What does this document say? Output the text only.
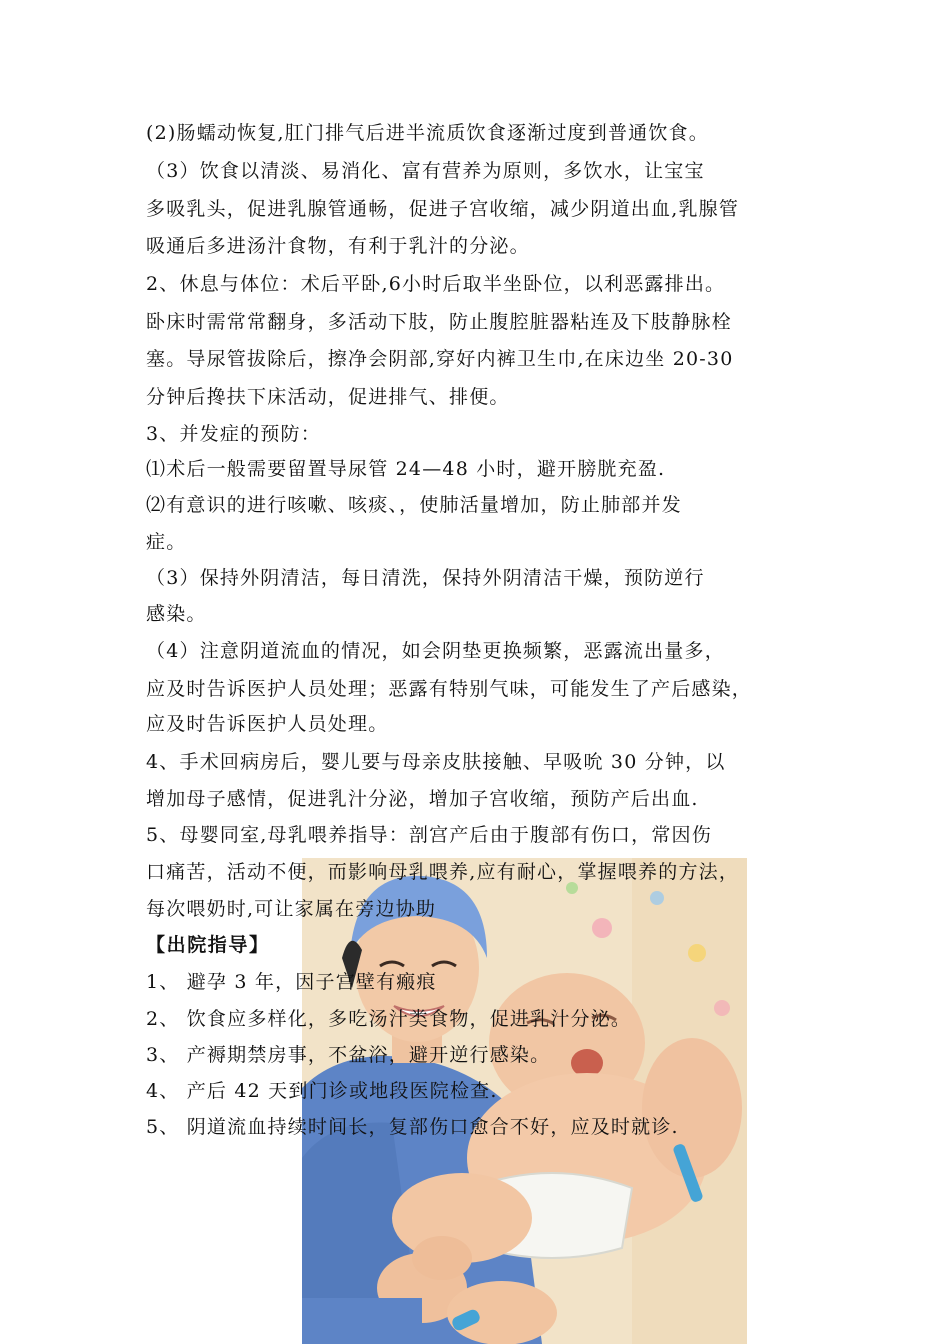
(2)肠蠕动恢复,肛门排气后进半流质饮食逐渐过度到普通饮食。
（3）饮食以清淡、易消化、富有营养为原则，多饮水，让宝宝
多吸乳头，促进乳腺管通畅，促进子宫收缩，减少阴道出血,乳腺管
吸通后多进汤汁食物，有利于乳汁的分泌。
2、休息与体位：术后平卧,6小时后取半坐卧位，以利恶露排出。
卧床时需常常翻身，多活动下肢，防止腹腔脏器粘连及下肢静脉栓
塞。导尿管拔除后，擦净会阴部,穿好内裤卫生巾,在床边坐 20-30
分钟后搀扶下床活动，促进排气、排便。
3、并发症的预防：
⑴术后一般需要留置导尿管 24—48 小时，避开膀胱充盈.
⑵有意识的进行咳嗽、咳痰、，使肺活量增加，防止肺部并发
症。
（3）保持外阴清洁，每日清洗，保持外阴清洁干燥，预防逆行
感染。
（4）注意阴道流血的情况，如会阴垫更换频繁，恶露流出量多，
应及时告诉医护人员处理；恶露有特别气味，可能发生了产后感染，
应及时告诉医护人员处理。
4、手术回病房后，婴儿要与母亲皮肤接触、早吸吮 30 分钟，以
增加母子感情，促进乳汁分泌，增加子宫收缩，预防产后出血.
5、母婴同室,母乳喂养指导：剖宫产后由于腹部有伤口，常因伤
口痛苦，活动不便，而影响母乳喂养,应有耐心，掌握喂养的方法，
每次喂奶时,可让家属在旁边协助
【出院指导】
1、 避孕 3 年，因子宫壁有瘢痕
2、 饮食应多样化，多吃汤汁类食物，促进乳汁分泌。
3、 产褥期禁房事，不盆浴，避开逆行感染。
4、 产后 42 天到门诊或地段医院检查.
5、 阴道流血持续时间长，复部伤口愈合不好，应及时就诊.
